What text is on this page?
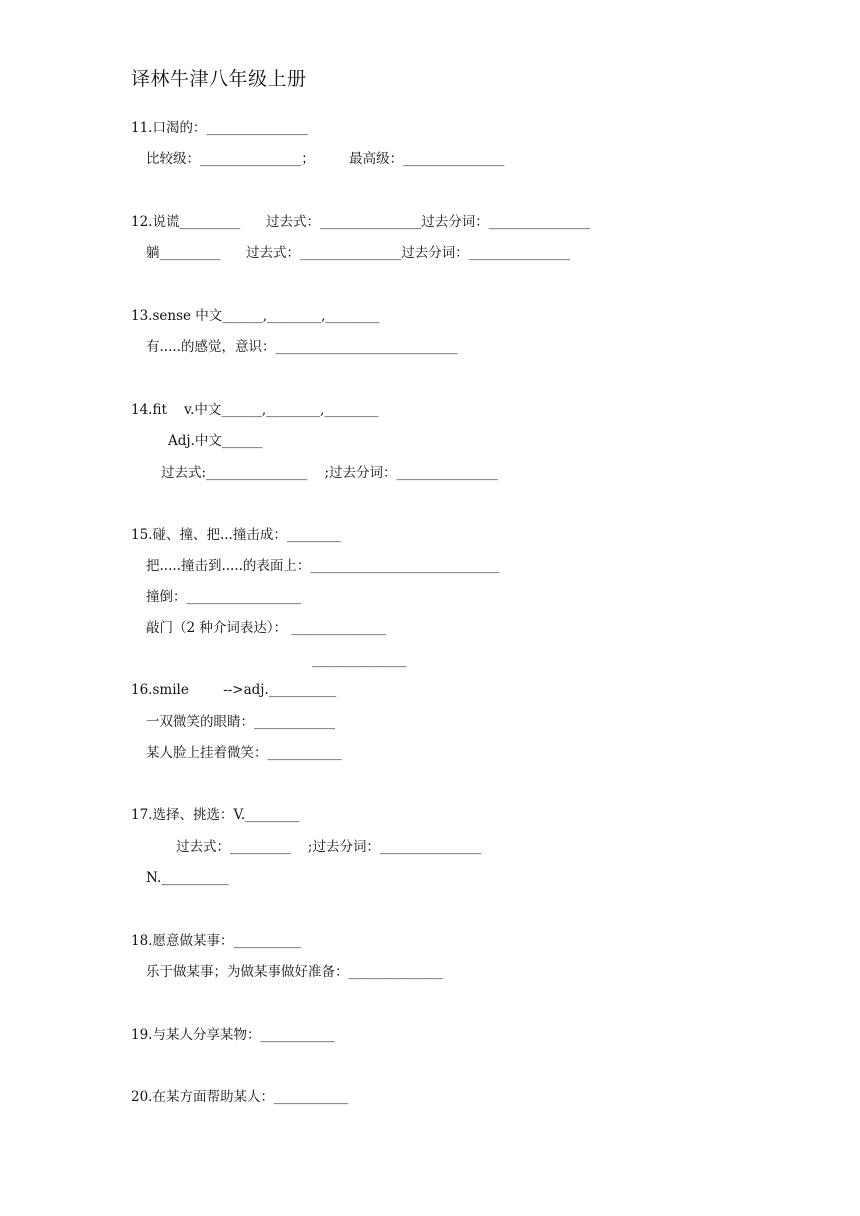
译林牛津八年级上册
11.口渴的：_______________
比较级：_______________；        最高级：_______________
12.说谎_________      过去式：_______________过去分词：_______________
躺_________      过去式：_______________过去分词：_______________
13.sense 中文______,________,________
有.....的感觉，意识：___________________________
14.fit    v.中文______,________,________
Adj.中文______
过去式:_______________    ;过去分词：_______________
15.碰、撞、把...撞击成：________
把.....撞击到.....的表面上：____________________________
撞倒：_________________
敲门（2 种介词表达）： ______________
______________
16.smile        -->adj.__________
一双微笑的眼睛：____________
某人脸上挂着微笑：___________
17.选择、挑选：V.________
过去式：_________    ;过去分词：_______________
N.__________
18.愿意做某事：__________
乐于做某事；为做某事做好准备：______________
19.与某人分享某物：___________
20.在某方面帮助某人：___________
